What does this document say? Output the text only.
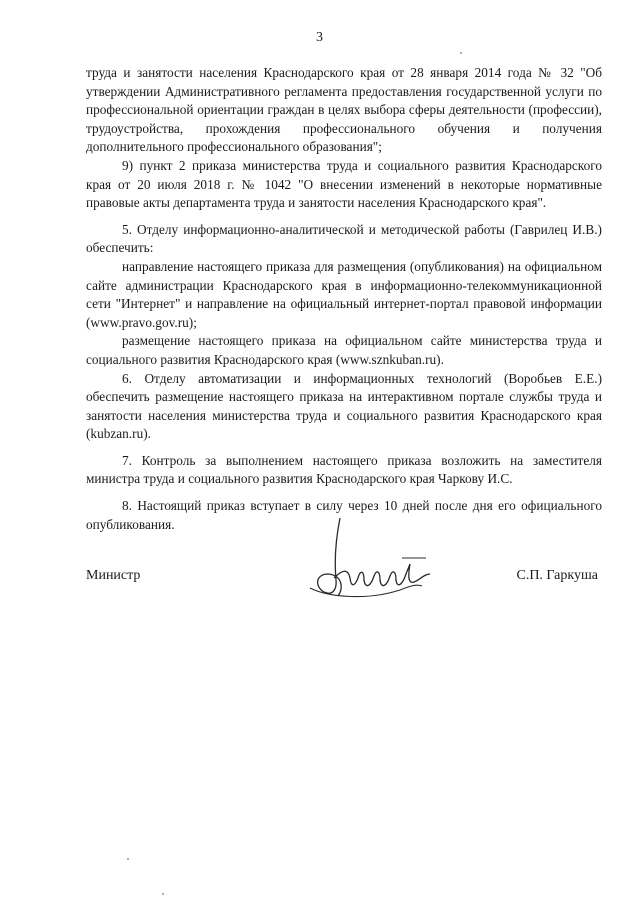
3

труда и занятости населения Краснодарского края от 28 января 2014 года № 32 "Об утверждении Административного регламента предоставления государственной услуги по профессиональной ориентации граждан в целях выбора сферы деятельности (профессии), трудоустройства, прохождения профессионального обучения и получения дополнительного профессионального образования";

9) пункт 2 приказа министерства труда и социального развития Краснодарского края от 20 июля 2018 г. № 1042 "О внесении изменений в некоторые нормативные правовые акты департамента труда и занятости населения Краснодарского края".

5. Отделу информационно-аналитической и методической работы (Гаврилец И.В.) обеспечить:

направление настоящего приказа для размещения (опубликования) на официальном сайте администрации Краснодарского края в информационно-телекоммуникационной сети "Интернет" и направление на официальный интернет-портал правовой информации (www.pravo.gov.ru);

размещение настоящего приказа на официальном сайте министерства труда и социального развития Краснодарского края (www.sznkuban.ru).

6. Отделу автоматизации и информационных технологий (Воробьев Е.Е.) обеспечить размещение настоящего приказа на интерактивном портале службы труда и занятости населения министерства труда и социального развития Краснодарского края (kubzan.ru).

7. Контроль за выполнением настоящего приказа возложить на заместителя министра труда и социального развития Краснодарского края Чаркову И.С.

8. Настоящий приказ вступает в силу через 10 дней после дня его официального опубликования.

Министр	С.П. Гаркуша
